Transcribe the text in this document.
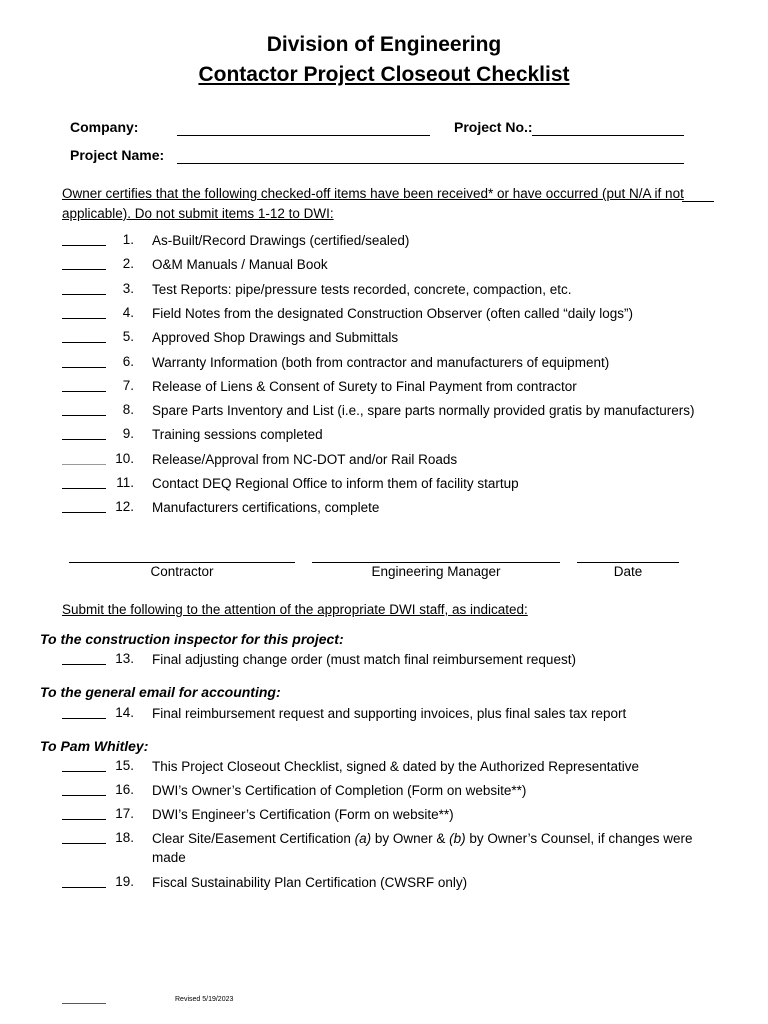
Division of Engineering
Contactor Project Closeout Checklist
Company:	Project No.:
Project Name:
Owner certifies that the following checked-off items have been received* or have occurred (put N/A if not
applicable). Do not submit items 1-12 to DWI:
1. As-Built/Record Drawings (certified/sealed)
2. O&M Manuals / Manual Book
3. Test Reports: pipe/pressure tests recorded, concrete, compaction, etc.
4. Field Notes from the designated Construction Observer (often called “daily logs”)
5. Approved Shop Drawings and Submittals
6. Warranty Information (both from contractor and manufacturers of equipment)
7. Release of Liens & Consent of Surety to Final Payment from contractor
8. Spare Parts Inventory and List (i.e., spare parts normally provided gratis by manufacturers)
9. Training sessions completed
10. Release/Approval from NC-DOT and/or Rail Roads
11. Contact DEQ Regional Office to inform them of facility startup
12. Manufacturers certifications, complete
Contractor	Engineering Manager	Date
Submit the following to the attention of the appropriate DWI staff, as indicated:
To the construction inspector for this project:
13. Final adjusting change order (must match final reimbursement request)
To the general email for accounting:
14. Final reimbursement request and supporting invoices, plus final sales tax report
To Pam Whitley:
15. This Project Closeout Checklist, signed & dated by the Authorized Representative
16. DWI’s Owner’s Certification of Completion (Form on website**)
17. DWI’s Engineer’s Certification (Form on website**)
18. Clear Site/Easement Certification (a) by Owner & (b) by Owner’s Counsel, if changes were
made
19. Fiscal Sustainability Plan Certification (CWSRF only)
Revised 5/19/2023
